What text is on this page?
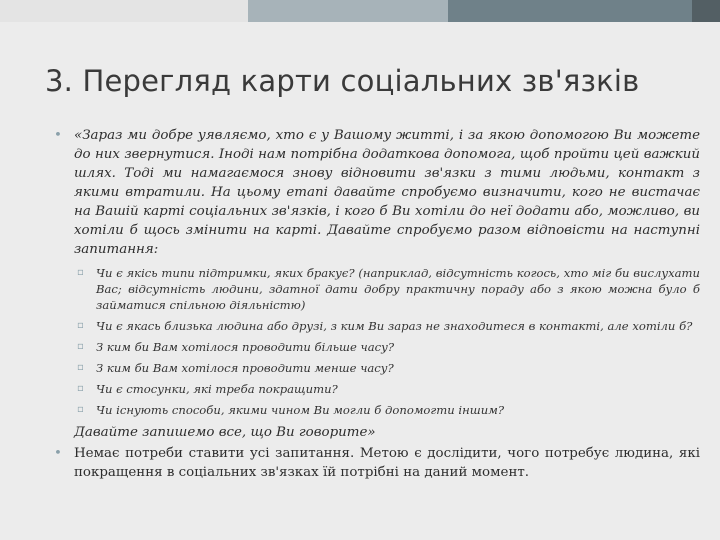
3. Перегляд карти соціальних зв'язків
• «Зараз ми добре уявляємо, хто є у Вашому житті, і за якою допомогою Ви можете до них звернутися. Іноді нам потрібна додаткова допомога, щоб пройти цей важкий шлях. Тоді ми намагаємося знову відновити зв'язки з тими людьми, контакт з якими втратили. На цьому етапі давайте спробуємо визначити, кого не вистачає на Вашій карті соціальних зв'язків, і кого б Ви хотіли до неї додати або, можливо, ви хотіли б щось змінити на карті. Давайте спробуємо разом відповісти на наступні запитання:
▫ Чи є якісь типи підтримки, яких бракує? (наприклад, відсутність когось, хто міг би вислухати Вас; відсутність людини, здатної дати добру практичну пораду або з якою можна було б займатися спільною діяльністю)
▫ Чи є якась близька людина або друзі, з ким Ви зараз не знаходитеся в контакті, але хотіли б?
▫ З ким би Вам хотілося проводити більше часу?
▫ З ким би Вам хотілося проводити менше часу?
▫ Чи є стосунки, які треба покращити?
▫ Чи існують способи, якими чином Ви могли б допомогти іншим?
Давайте запишемо все, що Ви говорите»
• Немає потреби ставити усі запитання. Метою є дослідити, чого потребує людина, які покращення в соціальних зв'язках їй потрібні на даний момент.
